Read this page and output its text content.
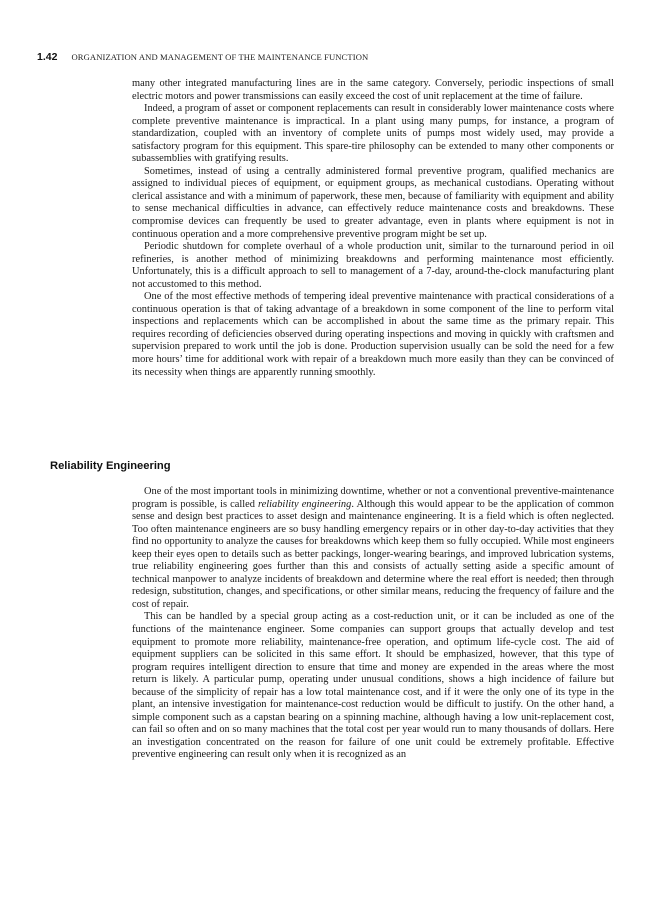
1.42 ORGANIZATION AND MANAGEMENT OF THE MAINTENANCE FUNCTION

many other integrated manufacturing lines are in the same category. Conversely, periodic inspections of small electric motors and power transmissions can easily exceed the cost of unit replacement at the time of failure.

Indeed, a program of asset or component replacements can result in considerably lower maintenance costs where complete preventive maintenance is impractical. In a plant using many pumps, for instance, a program of standardization, coupled with an inventory of complete units of pumps most widely used, may provide a satisfactory program for this equipment. This spare-tire philosophy can be extended to many other components or subassemblies with gratifying results.

Sometimes, instead of using a centrally administered formal preventive program, qualified mechanics are assigned to individual pieces of equipment, or equipment groups, as mechanical custodians. Operating without clerical assistance and with a minimum of paperwork, these men, because of familiarity with equipment and ability to sense mechanical difficulties in advance, can effectively reduce maintenance costs and breakdowns. These compromise devices can frequently be used to greater advantage, even in plants where equipment is not in continuous operation and a more comprehensive preventive program might be set up.

Periodic shutdown for complete overhaul of a whole production unit, similar to the turnaround period in oil refineries, is another method of minimizing breakdowns and performing maintenance most efficiently. Unfortunately, this is a difficult approach to sell to management of a 7-day, around-the-clock manufacturing plant not accustomed to this method.

One of the most effective methods of tempering ideal preventive maintenance with practical considerations of a continuous operation is that of taking advantage of a breakdown in some component of the line to perform vital inspections and replacements which can be accomplished in about the same time as the primary repair. This requires recording of deficiencies observed during operating inspections and moving in quickly with craftsmen and supervision prepared to work until the job is done. Production supervision usually can be sold the need for a few more hours’ time for additional work with repair of a breakdown much more easily than they can be convinced of its necessity when things are apparently running smoothly.

Reliability Engineering

One of the most important tools in minimizing downtime, whether or not a conventional preventive-maintenance program is possible, is called reliability engineering. Although this would appear to be the application of common sense and design best practices to asset design and maintenance engineering. It is a field which is often neglected. Too often maintenance engineers are so busy handling emergency repairs or in other day-to-day activities that they find no opportunity to analyze the causes for breakdowns which keep them so fully occupied. While most engineers keep their eyes open to details such as better packings, longer-wearing bearings, and improved lubrication systems, true reliability engineering goes further than this and consists of actually setting aside a specific amount of technical manpower to analyze incidents of breakdown and determine where the real effort is needed; then through redesign, substitution, changes, and specifications, or other similar means, reducing the frequency of failure and the cost of repair.

This can be handled by a special group acting as a cost-reduction unit, or it can be included as one of the functions of the maintenance engineer. Some companies can support groups that actually develop and test equipment to promote more reliability, maintenance-free operation, and optimum life-cycle cost. The aid of equipment suppliers can be solicited in this same effort. It should be emphasized, however, that this type of program requires intelligent direction to ensure that time and money are expended in the areas where the most return is likely. A particular pump, operating under unusual conditions, shows a high incidence of failure but because of the simplicity of repair has a low total maintenance cost, and if it were the only one of its type in the plant, an intensive investigation for maintenance-cost reduction would be difficult to justify. On the other hand, a simple component such as a capstan bearing on a spinning machine, although having a low unit-replacement cost, can fail so often and on so many machines that the total cost per year would run to many thousands of dollars. Here an investigation concentrated on the reason for failure of one unit could be extremely profitable. Effective preventive engineering can result only when it is recognized as an
